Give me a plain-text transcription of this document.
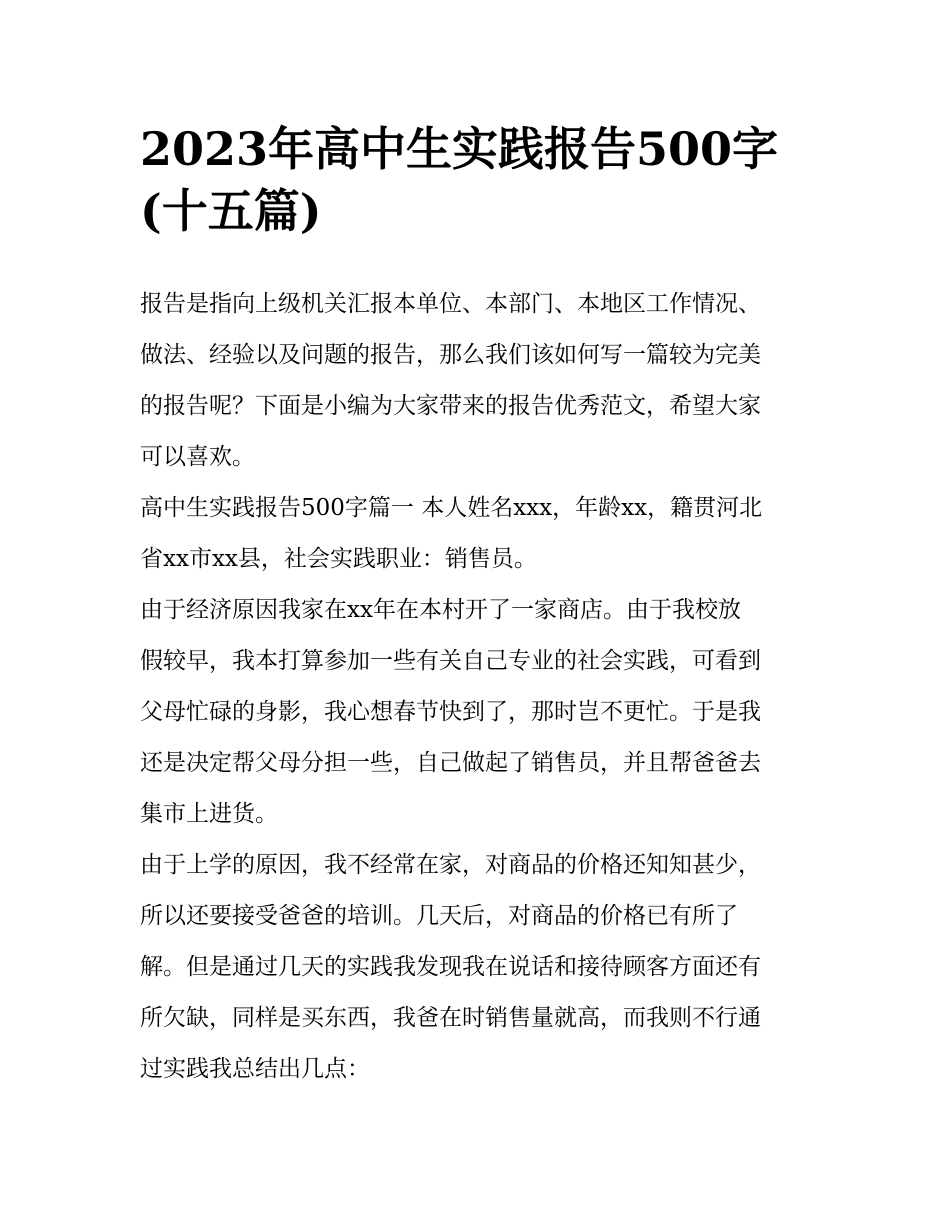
2023年高中生实践报告500字
(十五篇)
报告是指向上级机关汇报本单位、本部门、本地区工作情况、
做法、经验以及问题的报告，那么我们该如何写一篇较为完美
的报告呢？下面是小编为大家带来的报告优秀范文，希望大家
可以喜欢。
高中生实践报告500字篇一 本人姓名xxx，年龄xx，籍贯河北
省xx市xx县，社会实践职业：销售员。
由于经济原因我家在xx年在本村开了一家商店。由于我校放
假较早，我本打算参加一些有关自己专业的社会实践，可看到
父母忙碌的身影，我心想春节快到了，那时岂不更忙。于是我
还是决定帮父母分担一些，自己做起了销售员，并且帮爸爸去
集市上进货。
由于上学的原因，我不经常在家，对商品的价格还知知甚少，
所以还要接受爸爸的培训。几天后，对商品的价格已有所了
解。但是通过几天的实践我发现我在说话和接待顾客方面还有
所欠缺，同样是买东西，我爸在时销售量就高，而我则不行通
过实践我总结出几点：
